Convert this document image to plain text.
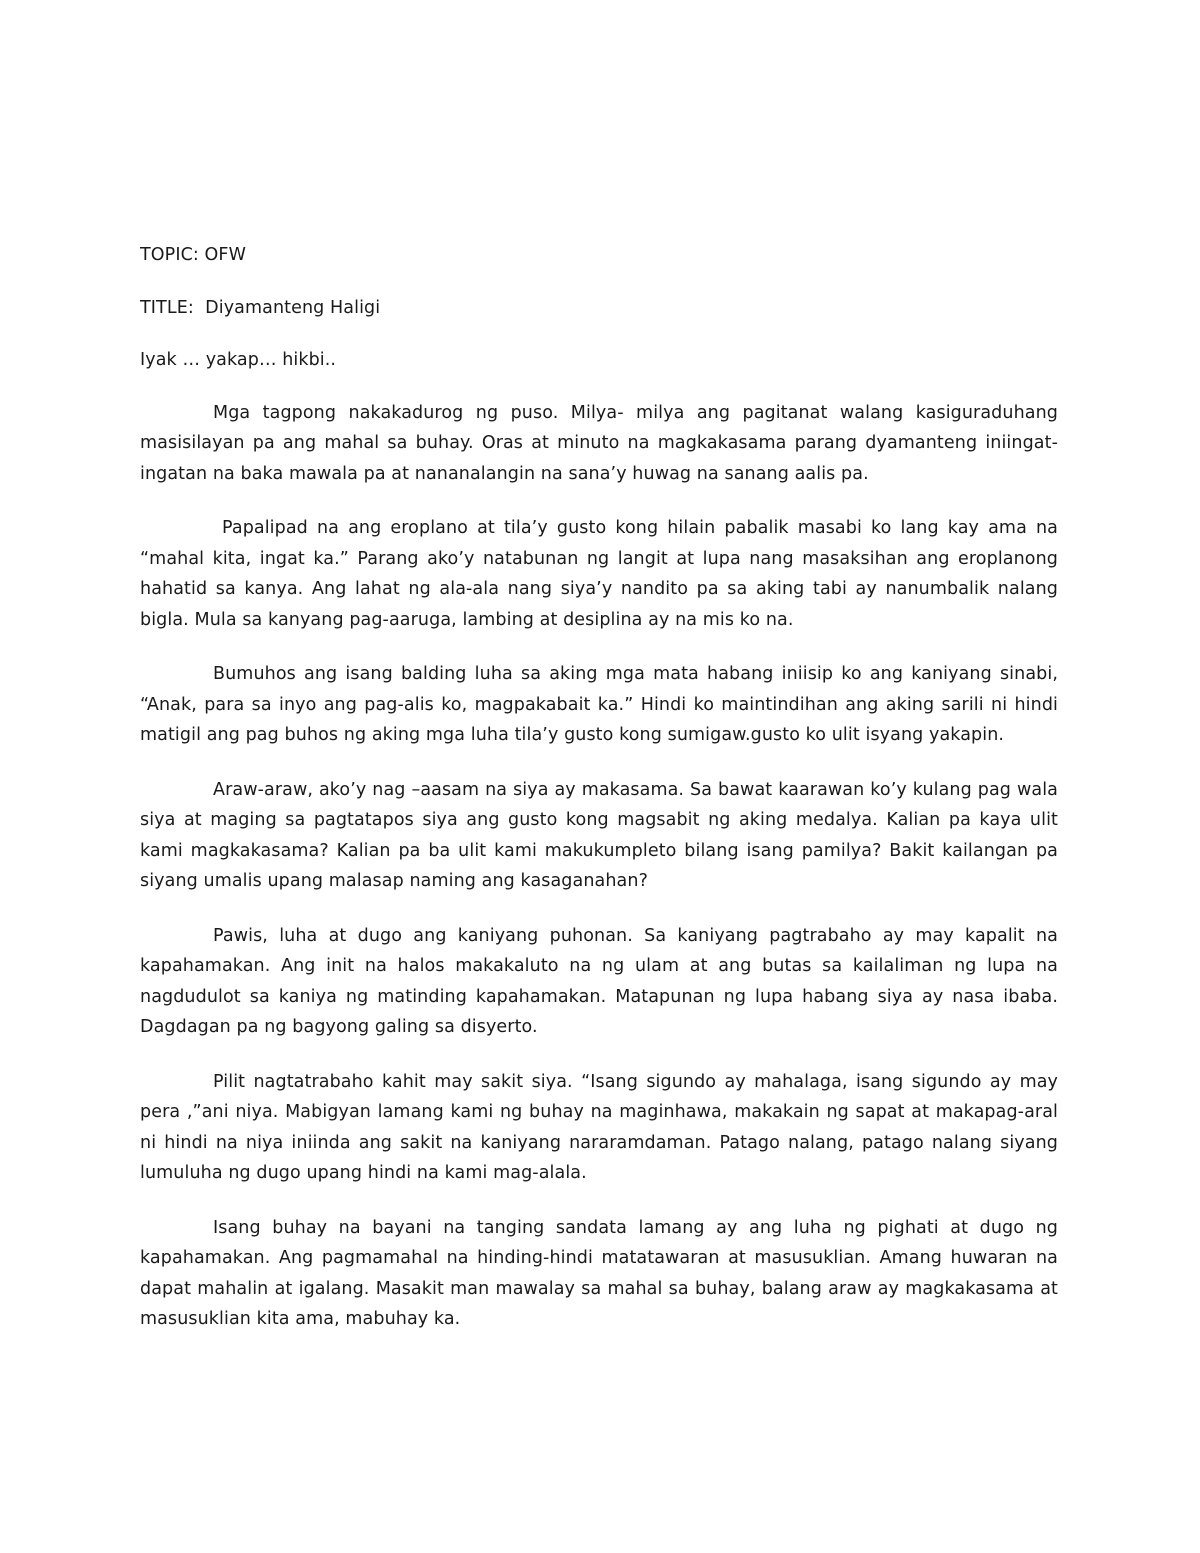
TOPIC: OFW
TITLE:  Diyamanteng Haligi
Iyak … yakap… hikbi..

Mga tagpong nakakadurog ng puso. Milya- milya ang pagitanat walang kasiguraduhang masisilayan pa ang mahal sa buhay. Oras at minuto na magkakasama parang dyamanteng iniingat-ingatan na baka mawala pa at nananalangin na sana’y huwag na sanang aalis pa.

Papalipad na ang eroplano at tila’y gusto kong hilain pabalik masabi ko lang kay ama na “mahal kita, ingat ka.” Parang ako’y natabunan ng langit at lupa nang masaksihan ang eroplanong hahatid sa kanya. Ang lahat ng ala-ala nang siya’y nandito pa sa aking tabi ay nanumbalik nalang bigla. Mula sa kanyang pag-aaruga, lambing at desiplina ay na mis ko na.

Bumuhos ang isang balding luha sa aking mga mata habang iniisip ko ang kaniyang sinabi, “Anak, para sa inyo ang pag-alis ko, magpakabait ka.” Hindi ko maintindihan ang aking sarili ni hindi matigil ang pag buhos ng aking mga luha tila’y gusto kong sumigaw.gusto ko ulit isyang yakapin.

Araw-araw, ako’y nag –aasam na siya ay makasama. Sa bawat kaarawan ko’y kulang pag wala siya at maging sa pagtatapos siya ang gusto kong magsabit ng aking medalya. Kalian pa kaya ulit kami magkakasama? Kalian pa ba ulit kami makukumpleto bilang isang pamilya? Bakit kailangan pa siyang umalis upang malasap naming ang kasaganahan?

Pawis, luha at dugo ang kaniyang puhonan. Sa kaniyang pagtrabaho ay may kapalit na kapahamakan. Ang init na halos makakaluto na ng ulam at ang butas sa kailaliman ng lupa na nagdudulot sa kaniya ng matinding kapahamakan. Matapunan ng lupa habang siya ay nasa ibaba. Dagdagan pa ng bagyong galing sa disyerto.

Pilit nagtatrabaho kahit may sakit siya. “Isang sigundo ay mahalaga, isang sigundo ay may pera ,”ani niya. Mabigyan lamang kami ng buhay na maginhawa, makakain ng sapat at makapag-aral ni hindi na niya iniinda ang sakit na kaniyang nararamdaman. Patago nalang, patago nalang siyang lumuluha ng dugo upang hindi na kami mag-alala.

Isang buhay na bayani na tanging sandata lamang ay ang luha ng pighati at dugo ng kapahamakan. Ang pagmamahal na hinding-hindi matatawaran at masusuklian. Amang huwaran na dapat mahalin at igalang. Masakit man mawalay sa mahal sa buhay, balang araw ay magkakasama at masusuklian kita ama, mabuhay ka.
